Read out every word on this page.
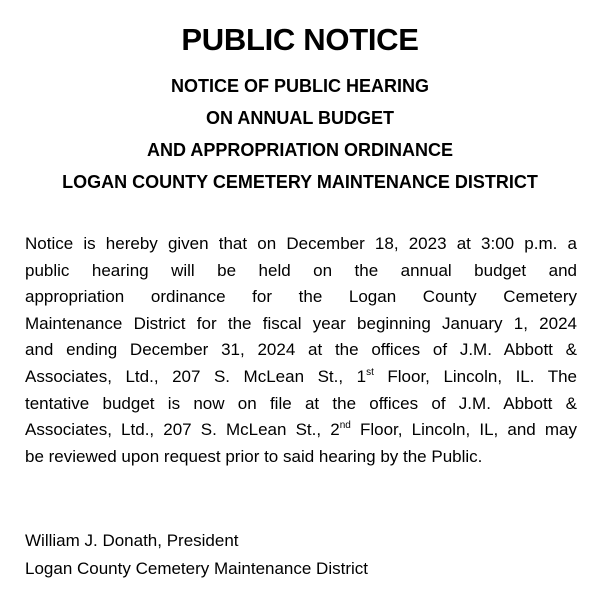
PUBLIC NOTICE
NOTICE OF PUBLIC HEARING
ON ANNUAL BUDGET
AND APPROPRIATION ORDINANCE
LOGAN COUNTY CEMETERY MAINTENANCE DISTRICT
Notice is hereby given that on December 18, 2023 at 3:00 p.m. a
public hearing will be held on the annual budget and
appropriation ordinance for the Logan County Cemetery
Maintenance District for the fiscal year beginning January 1, 2024
and ending December 31, 2024 at the offices of J.M. Abbott &
Associates, Ltd., 207 S. McLean St., 1st Floor, Lincoln, IL. The
tentative budget is now on file at the offices of J.M. Abbott &
Associates, Ltd., 207 S. McLean St., 2nd Floor, Lincoln, IL, and may
be reviewed upon request prior to said hearing by the Public.
William J. Donath, President
Logan County Cemetery Maintenance District
